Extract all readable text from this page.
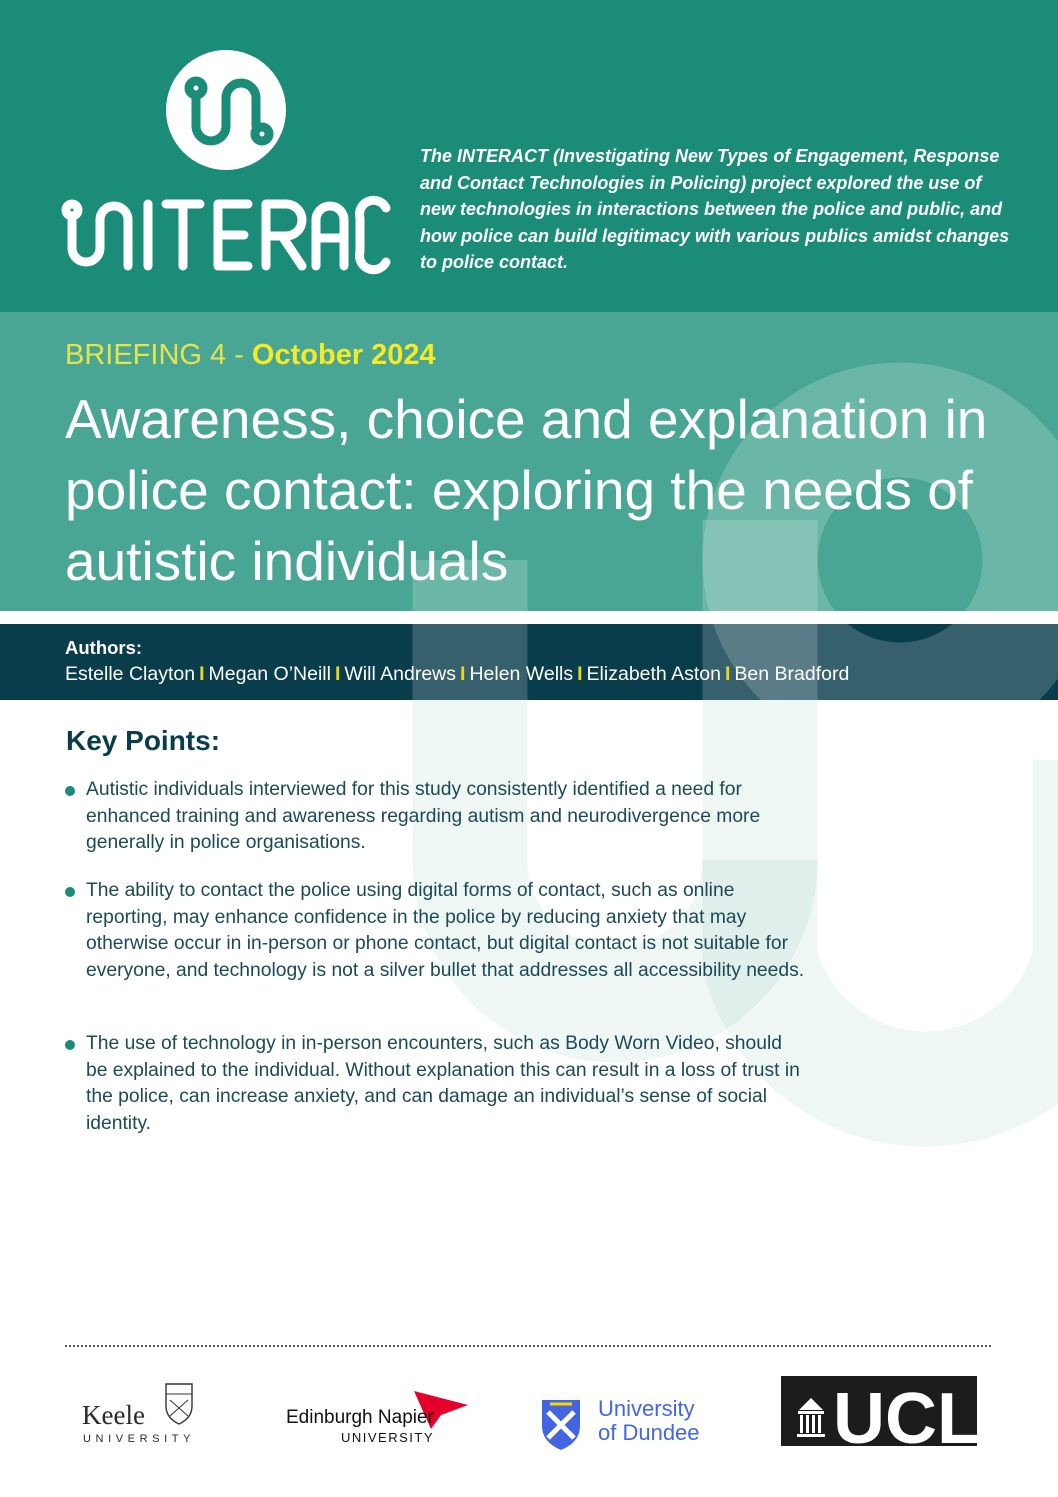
The INTERACT (Investigating New Types of Engagement, Response and Contact Technologies in Policing) project explored the use of new technologies in interactions between the police and public, and how police can build legitimacy with various publics amidst changes to police contact.
BRIEFING 4 - October 2024
Awareness, choice and explanation in police contact: exploring the needs of autistic individuals
Authors:
Estelle Clayton I Megan O’Neill I Will Andrews I Helen Wells I Elizabeth Aston I Ben Bradford
Key Points:
Autistic individuals interviewed for this study consistently identified a need for enhanced training and awareness regarding autism and neurodivergence more generally in police organisations.
The ability to contact the police using digital forms of contact, such as online reporting, may enhance confidence in the police by reducing anxiety that may otherwise occur in in-person or phone contact, but digital contact is not suitable for everyone, and technology is not a silver bullet that addresses all accessibility needs.
The use of technology in in-person encounters, such as Body Worn Video, should be explained to the individual. Without explanation this can result in a loss of trust in the police, can increase anxiety, and can damage an individual’s sense of social identity.
Keele
UNIVERSITY
Edinburgh Napier
UNIVERSITY
University
of Dundee UCL
